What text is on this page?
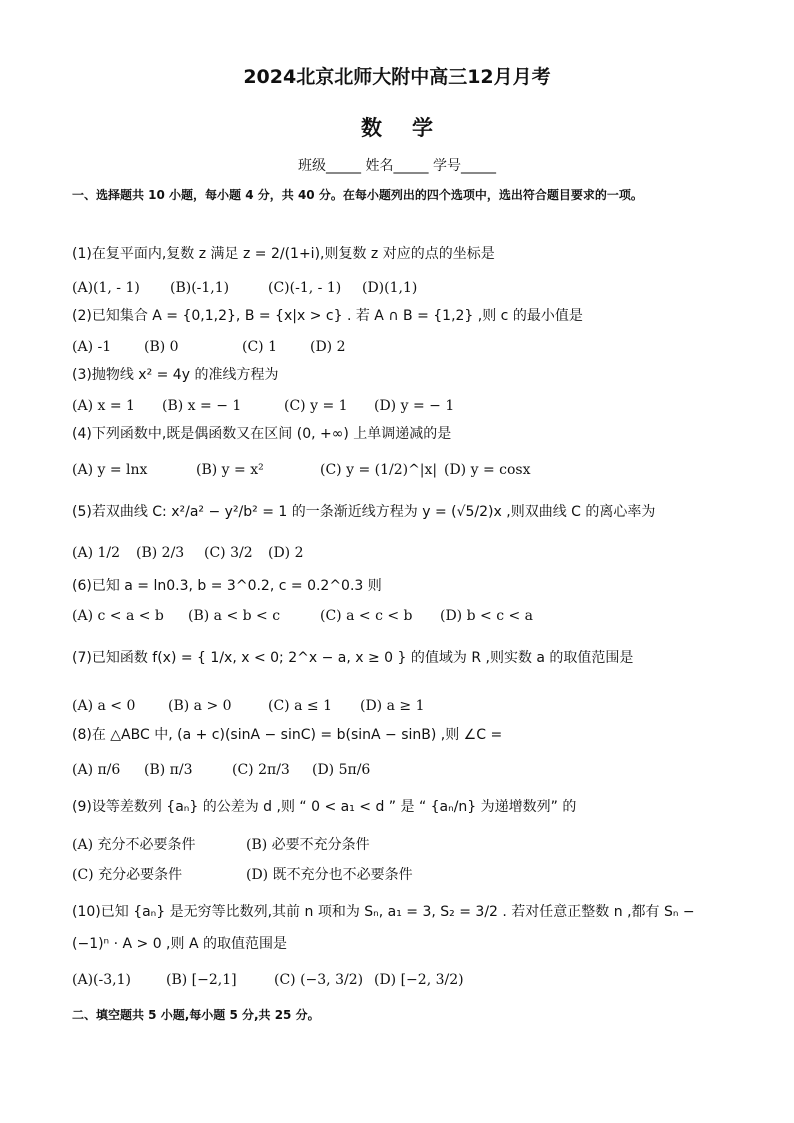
2024北京北师大附中高三12月月考
数学
班级_____ 姓名_____ 学号_____
一、选择题共 10 小题，每小题 4 分，共 40 分。在每小题列出的四个选项中，选出符合题目要求的一项。
(1)在复平面内,复数 z 满足 z = 2/(1+i),则复数 z 对应的点的坐标是
(A)(1, - 1) (B)(-1,1)	(C)(-1, - 1) (D)(1,1)
(2)已知集合 A = {0,1,2}, B = {x|x > c} . 若 A ∩ B = {1,2} ,则 c 的最小值是
(A) -1 (B) 0	(C) 1 (D) 2
(3)抛物线 x² = 4y 的准线方程为
(A) x = 1 (B) x = − 1	(C) y = 1 (D) y = − 1
(4)下列函数中,既是偶函数又在区间 (0, +∞) 上单调递减的是
(A) y = lnx	(B) y = x²	(C) y = (1/2)^|x| (D) y = cosx
(5)若双曲线 C: x²/a² − y²/b² = 1 的一条渐近线方程为 y = (√5/2)x ,则双曲线 C 的离心率为
(A) 1/2 (B) 2/3 (C) 3/2 (D) 2
(6)已知 a = ln0.3, b = 3^0.2, c = 0.2^0.3 则
(A) c < a < b (B) a < b < c	(C) a < c < b (D) b < c < a
(7)已知函数 f(x) = { 1/x, x < 0; 2^x − a, x ≥ 0 } 的值域为 R ,则实数 a 的取值范围是
(A) a < 0 (B) a > 0	(C) a ≤ 1 (D) a ≥ 1
(8)在 △ABC 中, (a + c)(sinA − sinC) = b(sinA − sinB) ,则 ∠C =
(A) π/6 (B) π/3	(C) 2π/3 (D) 5π/6
(9)设等差数列 {aₙ} 的公差为 d ,则 “ 0 < a₁ < d ” 是 “ {aₙ/n} 为递增数列” 的
(A) 充分不必要条件	(B) 必要不充分条件
(C) 充分必要条件	(D) 既不充分也不必要条件
(10)已知 {aₙ} 是无穷等比数列,其前 n 项和为 Sₙ, a₁ = 3, S₂ = 3/2 . 若对任意正整数 n ,都有 Sₙ −
(−1)ⁿ · A > 0 ,则 A 的取值范围是
(A)(-3,1)	(B) [−2,1]	(C) (−3, 3/2) (D) [−2, 3/2)
二、填空题共 5 小题,每小题 5 分,共 25 分。
